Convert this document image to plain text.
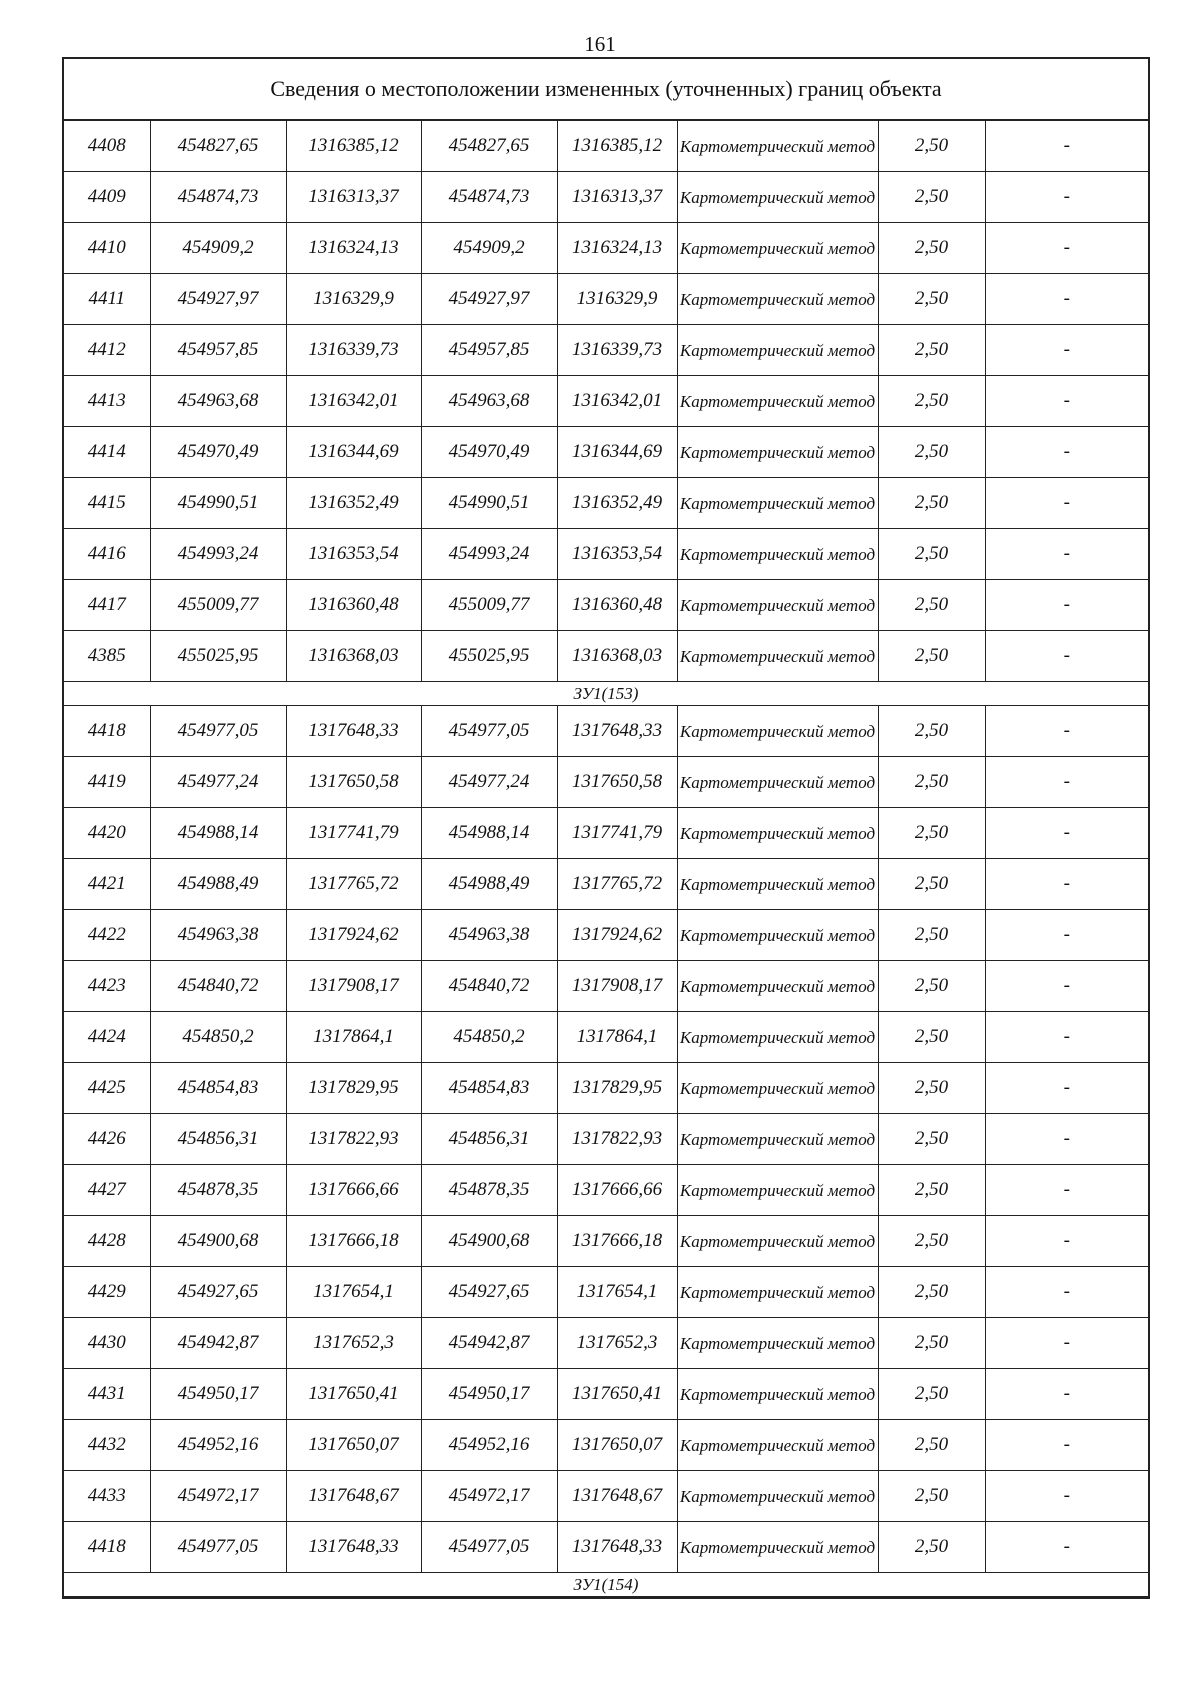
161
Сведения о местоположении измененных (уточненных) границ объекта
4408	454827,65	1316385,12	454827,65	1316385,12	Картометрический метод	2,50	-
4409	454874,73	1316313,37	454874,73	1316313,37	Картометрический метод	2,50	-
4410	454909,2	1316324,13	454909,2	1316324,13	Картометрический метод	2,50	-
4411	454927,97	1316329,9	454927,97	1316329,9	Картометрический метод	2,50	-
4412	454957,85	1316339,73	454957,85	1316339,73	Картометрический метод	2,50	-
4413	454963,68	1316342,01	454963,68	1316342,01	Картометрический метод	2,50	-
4414	454970,49	1316344,69	454970,49	1316344,69	Картометрический метод	2,50	-
4415	454990,51	1316352,49	454990,51	1316352,49	Картометрический метод	2,50	-
4416	454993,24	1316353,54	454993,24	1316353,54	Картометрический метод	2,50	-
4417	455009,77	1316360,48	455009,77	1316360,48	Картометрический метод	2,50	-
4385	455025,95	1316368,03	455025,95	1316368,03	Картометрический метод	2,50	-
ЗУ1(153)							
4418	454977,05	1317648,33	454977,05	1317648,33	Картометрический метод	2,50	-
4419	454977,24	1317650,58	454977,24	1317650,58	Картометрический метод	2,50	-
4420	454988,14	1317741,79	454988,14	1317741,79	Картометрический метод	2,50	-
4421	454988,49	1317765,72	454988,49	1317765,72	Картометрический метод	2,50	-
4422	454963,38	1317924,62	454963,38	1317924,62	Картометрический метод	2,50	-
4423	454840,72	1317908,17	454840,72	1317908,17	Картометрический метод	2,50	-
4424	454850,2	1317864,1	454850,2	1317864,1	Картометрический метод	2,50	-
4425	454854,83	1317829,95	454854,83	1317829,95	Картометрический метод	2,50	-
4426	454856,31	1317822,93	454856,31	1317822,93	Картометрический метод	2,50	-
4427	454878,35	1317666,66	454878,35	1317666,66	Картометрический метод	2,50	-
4428	454900,68	1317666,18	454900,68	1317666,18	Картометрический метод	2,50	-
4429	454927,65	1317654,1	454927,65	1317654,1	Картометрический метод	2,50	-
4430	454942,87	1317652,3	454942,87	1317652,3	Картометрический метод	2,50	-
4431	454950,17	1317650,41	454950,17	1317650,41	Картометрический метод	2,50	-
4432	454952,16	1317650,07	454952,16	1317650,07	Картометрический метод	2,50	-
4433	454972,17	1317648,67	454972,17	1317648,67	Картометрический метод	2,50	-
4418	454977,05	1317648,33	454977,05	1317648,33	Картометрический метод	2,50	-
ЗУ1(154)							
